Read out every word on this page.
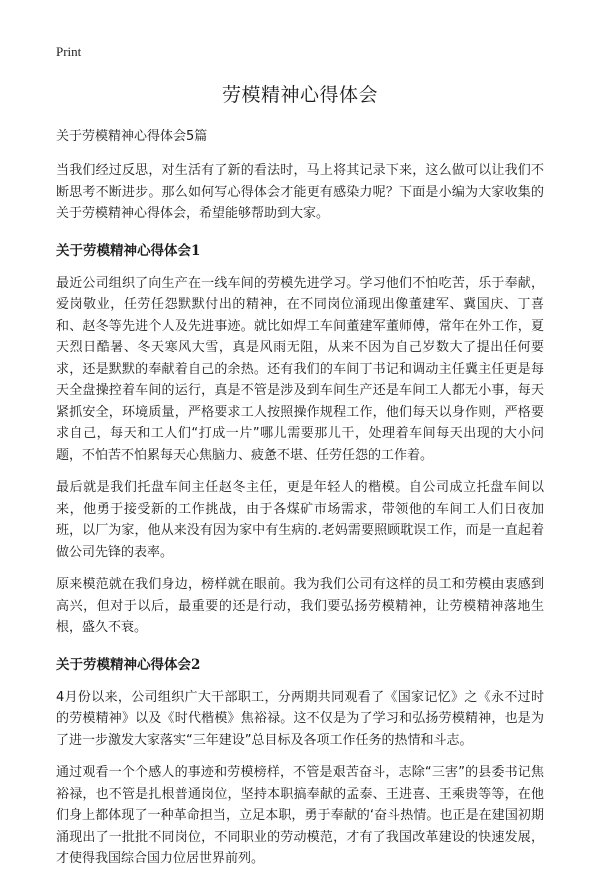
Print
劳模精神心得体会
关于劳模精神心得体会5篇

当我们经过反思，对生活有了新的看法时，马上将其记录下来，这么做可以让我们不断思考不断进步。那么如何写心得体会才能更有感染力呢？下面是小编为大家收集的关于劳模精神心得体会，希望能够帮助到大家。

关于劳模精神心得体会1

最近公司组织了向生产在一线车间的劳模先进学习。学习他们不怕吃苦，乐于奉献，爱岗敬业，任劳任怨默默付出的精神，在不同岗位涌现出像董建军、冀国庆、丁喜和、赵冬等先进个人及先进事迹。就比如焊工车间董建军董师傅，常年在外工作，夏天烈日酷暑、冬天寒风大雪，真是风雨无阻，从来不因为自己岁数大了提出任何要求，还是默默的奉献着自己的余热。还有我们的车间丁书记和调动主任冀主任更是每天全盘操控着车间的运行，真是不管是涉及到车间生产还是车间工人都无小事，每天紧抓安全，环境质量，严格要求工人按照操作规程工作，他们每天以身作则，严格要求自己，每天和工人们“打成一片”哪儿需要那儿干，处理着车间每天出现的大小问题，不怕苦不怕累每天心焦脑力、疲惫不堪、任劳任怨的工作着。

最后就是我们托盘车间主任赵冬主任，更是年轻人的楷模。自公司成立托盘车间以来，他勇于接受新的工作挑战，由于各煤矿市场需求，带领他的车间工人们日夜加班，以厂为家，他从来没有因为家中有生病的.老妈需要照顾耽误工作，而是一直起着做公司先锋的表率。

原来模范就在我们身边，榜样就在眼前。我为我们公司有这样的员工和劳模由衷感到高兴，但对于以后，最重要的还是行动，我们要弘扬劳模精神，让劳模精神落地生根，盛久不衰。

关于劳模精神心得体会2

4月份以来，公司组织广大干部职工，分两期共同观看了《国家记忆》之《永不过时的劳模精神》以及《时代楷模》焦裕禄。这不仅是为了学习和弘扬劳模精神，也是为了进一步激发大家落实“三年建设”总目标及各项工作任务的热情和斗志。

通过观看一个个感人的事迹和劳模榜样，不管是艰苦奋斗，志除“三害”的县委书记焦裕禄，也不管是扎根普通岗位，坚持本职搞奉献的孟泰、王进喜、王乘贵等等，在他们身上都体现了一种革命担当，立足本职，勇于奉献的‘奋斗热情。也正是在建国初期涌现出了一批批不同岗位，不同职业的劳动模范，才有了我国改革建设的快速发展，才使得我国综合国力位居世界前列。
